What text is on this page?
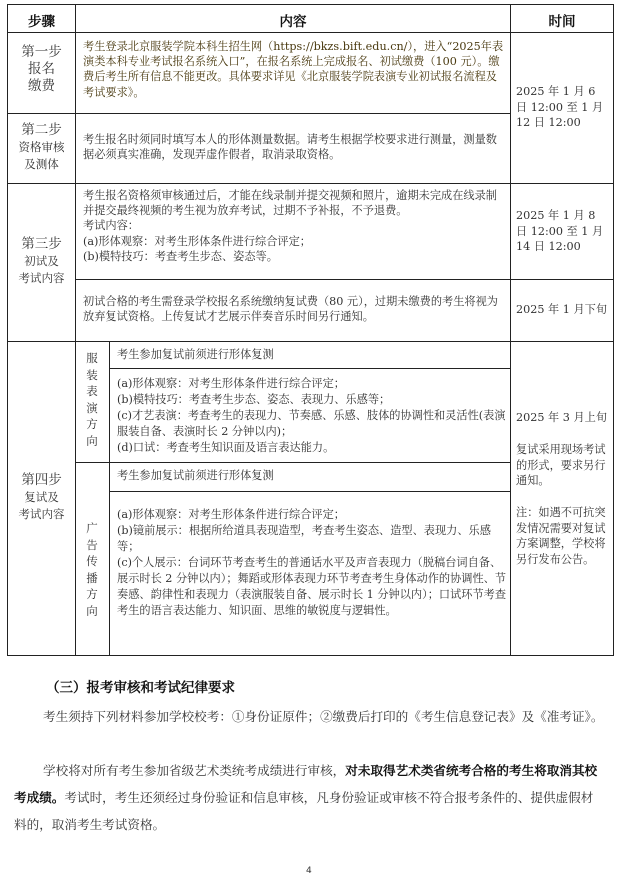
步骤	内容	时间

第一步

报名

缴费

考生登录北京服装学院本科生招生网（https://bkzs.bift.edu.cn/），进入“2025年表演类本科专业考试报名系统入口”，在报名系统上完成报名、初试缴费（100 元）。缴费后考生所有信息不能更改。具体要求详见《北京服装学院表演专业初试报名流程及考试要求》。

第二步

资格审核

及测体

考生报名时须同时填写本人的形体测量数据。请考生根据学校要求进行测量，测量数据必须真实准确，发现弄虚作假者，取消录取资格。
2025 年 1 月 6 日 12:00 至 1 月 12 日 12:00

第三步

初试及

考试内容

考生报名资格须审核通过后，才能在线录制并提交视频和照片，逾期未完成在线录制并提交最终视频的考生视为放弃考试，过期不予补报，不予退费。

考试内容：

(a)形体观察：对考生形体条件进行综合评定；

(b)模特技巧：考查考生步态、姿态等。

2025 年 1 月 8 日 12:00 至 1 月 14 日 12:00
初试合格的考生需登录学校报名系统缴纳复试费（80 元），过期未缴费的考生将视为放弃复试资格。上传复试才艺展示伴奏音乐时间另行通知。
2025 年 1 月下旬

第四步

复试及

考试内容

服

装

表

演

方

向

考生参加复试前须进行形体复测

(a)形体观察：对考生形体条件进行综合评定；

(b)模特技巧：考查考生步态、姿态、表现力、乐感等；

(c)才艺表演：考查考生的表现力、节奏感、乐感、肢体的协调性和灵活性(表演服装自备、表演时长 2 分钟以内)；

(d)口试：考查考生知识面及语言表达能力。

广

告

传

播

方

向

考生参加复试前须进行形体复测

(a)形体观察：对考生形体条件进行综合评定；

(b)镜前展示：根据所给道具表现造型，考查考生姿态、造型、表现力、乐感等；

(c)个人展示：台词环节考查考生的普通话水平及声音表现力（脱稿台词自备、展示时长 2 分钟以内）；舞蹈或形体表现力环节考查考生身体动作的协调性、节奏感、韵律性和表现力（表演服装自备、展示时长 1 分钟以内）；口试环节考查考生的语言表达能力、知识面、思维的敏锐度与逻辑性。

2025 年 3 月上旬
复试采用现场考试的形式，要求另行通知。
注：如遇不可抗突发情况需要对复试方案调整，学校将另行发布公告。
（三）报考审核和考试纪律要求
考生须持下列材料参加学校校考：①身份证原件；②缴费后打印的《考生信息登记表》及《准考证》。
学校将对所有考生参加省级艺术类统考成绩进行审核，对未取得艺术类省统考合格的考生将取消其校考成绩。考试时，考生还须经过身份验证和信息审核，凡身份验证或审核不符合报考条件的、提供虚假材料的，取消考生考试资格。
4
